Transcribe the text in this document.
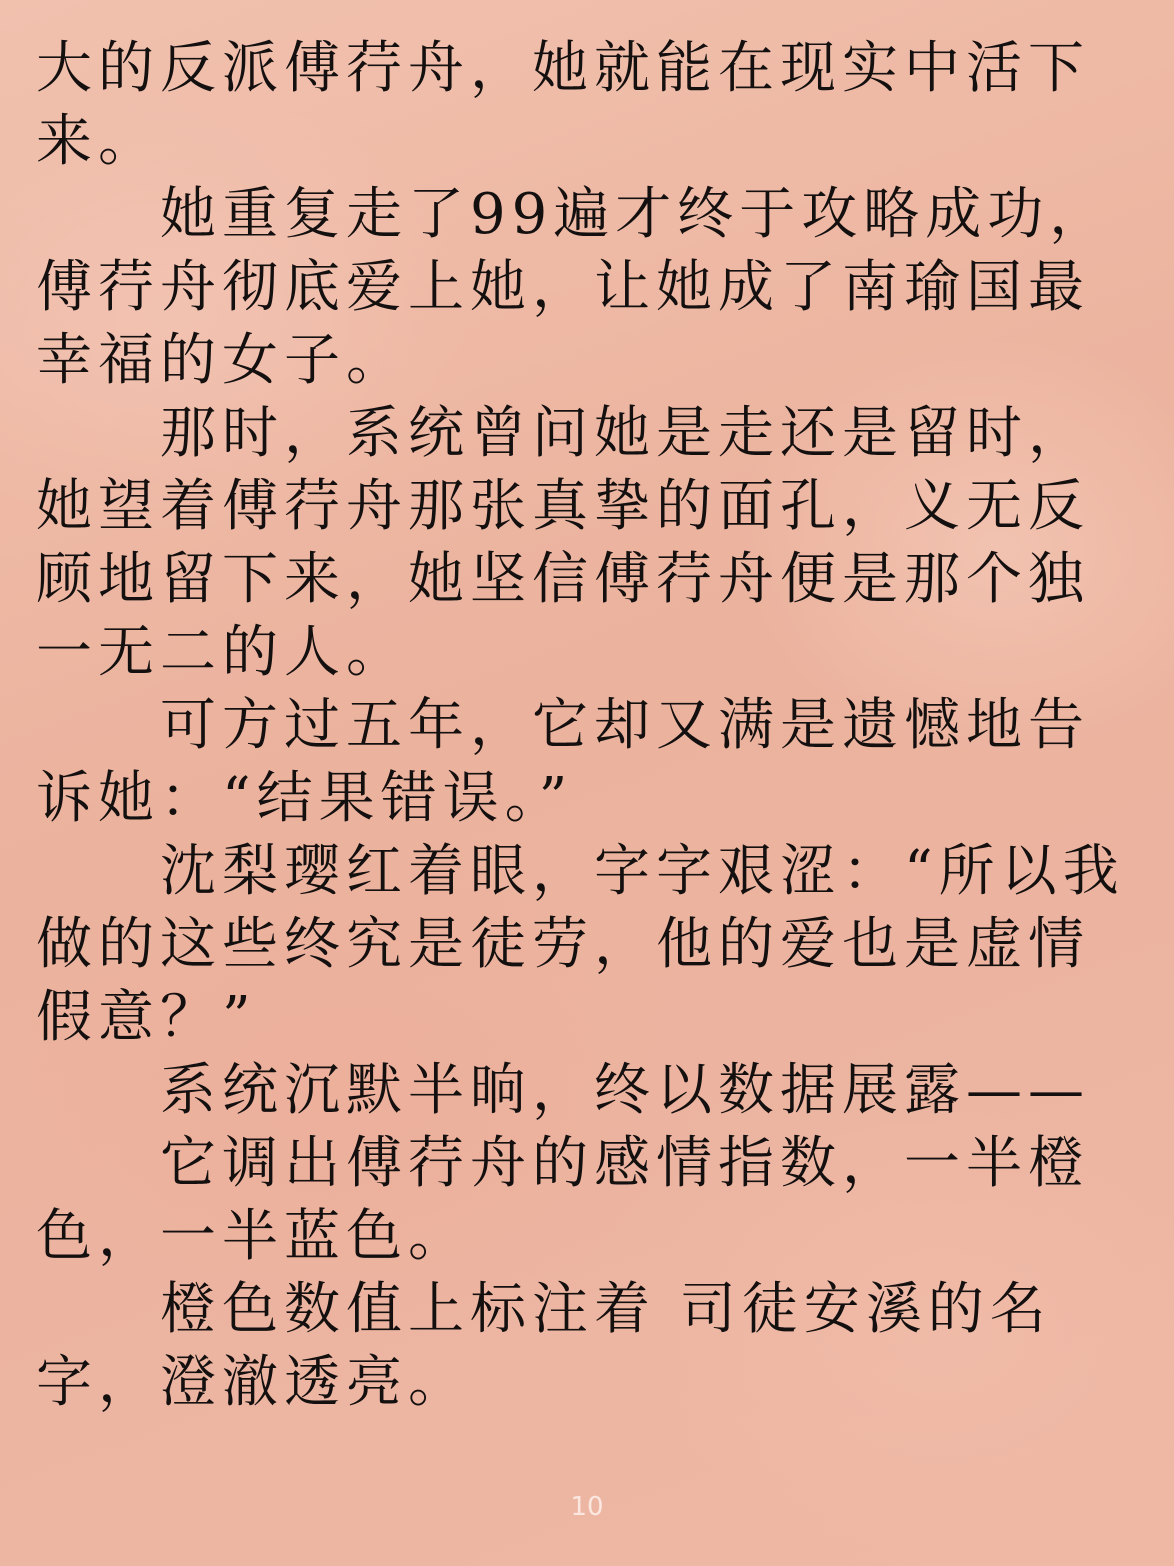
大的反派傅荇舟，她就能在现实中活下来。

她重复走了99遍才终于攻略成功，傅荇舟彻底爱上她，让她成了南瑜国最幸福的女子。

那时，系统曾问她是走还是留时，她望着傅荇舟那张真挚的面孔，义无反顾地留下来，她坚信傅荇舟便是那个独一无二的人。

可方过五年，它却又满是遗憾地告诉她：“结果错误。”

沈梨璎红着眼，字字艰涩：“所以我做的这些终究是徒劳，他的爱也是虚情假意？”

系统沉默半晌，终以数据展露——

它调出傅荇舟的感情指数，一半橙色，一半蓝色。

橙色数值上标注着 司徒安溪的名字，澄澈透亮。

10
